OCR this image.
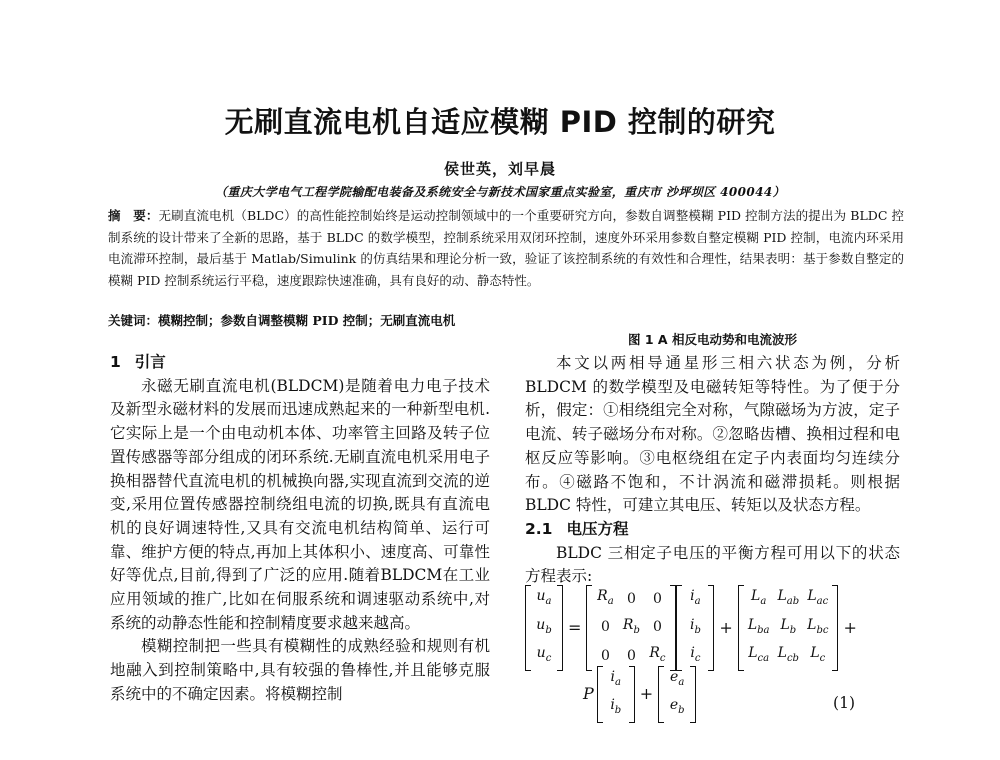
无刷直流电机自适应模糊 PID 控制的研究
侯世英，刘早晨
（重庆大学电气工程学院输配电装备及系统安全与新技术国家重点实验室，重庆市 沙坪坝区 400044）
摘　要：无刷直流电机（BLDC）的高性能控制始终是运动控制领域中的一个重要研究方向，参数自调整模糊 PID 控制方法的提出为 BLDC 控制系统的设计带来了全新的思路，基于 BLDC 的数学模型，控制系统采用双闭环控制，速度外环采用参数自整定模糊 PID 控制，电流内环采用电流滞环控制，最后基于 Matlab/Simulink 的仿真结果和理论分析一致，验证了该控制系统的有效性和合理性，结果表明：基于参数自整定的模糊 PID 控制系统运行平稳，速度跟踪快速准确，具有良好的动、静态特性。
关键词：模糊控制；参数自调整模糊 PID 控制；无刷直流电机
1 引言

永磁无刷直流电机(BLDCM)是随着电力电子技术及新型永磁材料的发展而迅速成熟起来的一种新型电机.它实际上是一个由电动机本体、功率管主回路及转子位置传感器等部分组成的闭环系统.无刷直流电机采用电子换相器替代直流电机的机械换向器,实现直流到交流的逆变,采用位置传感器控制绕组电流的切换,既具有直流电机的良好调速特性,又具有交流电机结构简单、运行可靠、维护方便的特点,再加上其体积小、速度高、可靠性好等优点,目前,得到了广泛的应用.随着BLDCM在工业应用领域的推广,比如在伺服系统和调速驱动系统中,对系统的动静态性能和控制精度要求越来越高。

模糊控制把一些具有模糊性的成熟经验和规则有机地融入到控制策略中,具有较强的鲁棒性,并且能够克服系统中的不确定因素。将模糊控制

图 1 A 相反电动势和电流波形

本文以两相导通星形三相六状态为例，分析 BLDCM 的数学模型及电磁转矩等特性。为了便于分析，假定：①相绕组完全对称，气隙磁场为方波，定子电流、转子磁场分布对称。②忽略齿槽、换相过程和电枢反应等影响。③电枢绕组在定子内表面均匀连续分布。④磁路不饱和，不计涡流和磁滞损耗。则根据 BLDC 特性，可建立其电压、转矩以及状态方程。

2.1 电压方程

BLDC 三相定子电压的平衡方程可用以下的状态方程表示:

$u_a$
$u_b$
$u_c$
=
$R_a$	0	0
0	$R_b$	0
0	0	$R_c$
$i_a$
$i_b$
$i_c$
+
$L_a$	$L_{ab}$	$L_{ac}$
$L_{ba}$	$L_b$	$L_{bc}$
$L_{ca}$	$L_{cb}$	$L_c$
+
P
$i_a$
$i_b$
+
$e_a$
$e_b$	(1)
